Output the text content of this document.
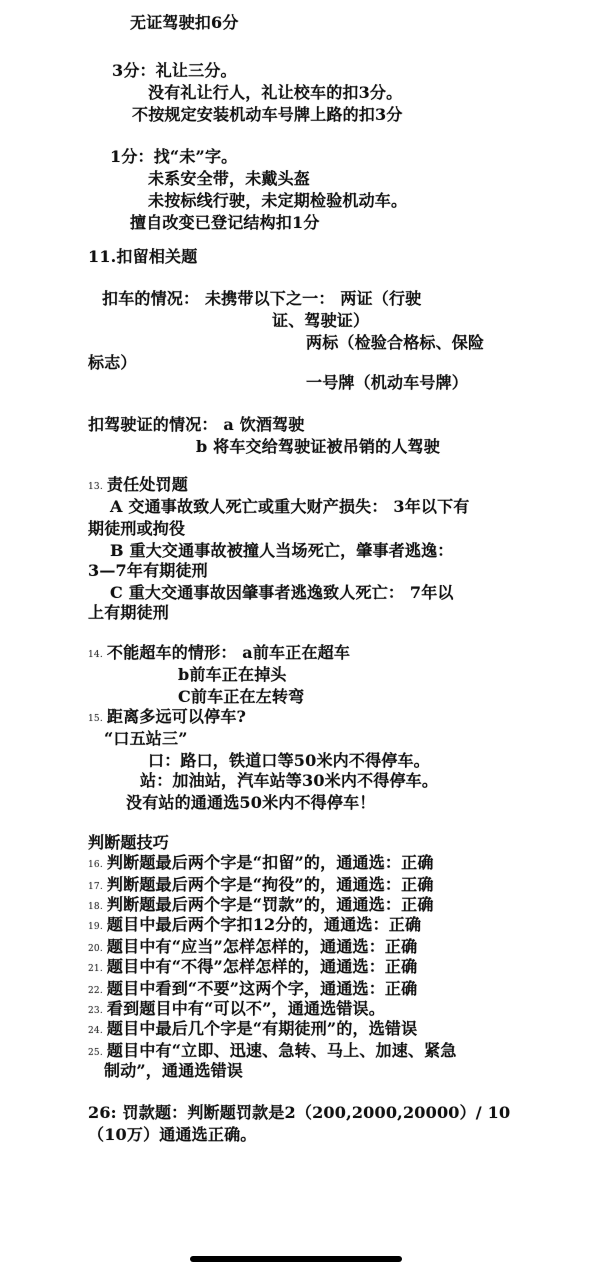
无证驾驶扣6分
3分：礼让三分。
没有礼让行人，礼让校车的扣3分。
不按规定安装机动车号牌上路的扣3分
1分：找“未”字。
未系安全带，未戴头盔
未按标线行驶，未定期检验机动车。
擅自改变已登记结构扣1分
11.扣留相关题
扣车的情况： 未携带以下之一： 两证（行驶
证、驾驶证）
两标（检验合格标、保险
标志）
一号牌（机动车号牌）
扣驾驶证的情况： a 饮酒驾驶
b 将车交给驾驶证被吊销的人驾驶
13. 责任处罚题
A 交通事故致人死亡或重大财产损失： 3年以下有
期徒刑或拘役
B 重大交通事故被撞人当场死亡，肇事者逃逸：
3—7年有期徒刑
C 重大交通事故因肇事者逃逸致人死亡： 7年以
上有期徒刑
14. 不能超车的情形： a前车正在超车
b前车正在掉头
C前车正在左转弯
15. 距离多远可以停车?
“口五站三”
口：路口，铁道口等50米内不得停车。
站：加油站，汽车站等30米内不得停车。
没有站的通通选50米内不得停车！
判断题技巧
16. 判断题最后两个字是“扣留”的，通通选：正确
17. 判断题最后两个字是“拘役”的，通通选：正确
18. 判断题最后两个字是“罚款”的，通通选：正确
19. 题目中最后两个字扣12分的，通通选：正确
20. 题目中有“应当”怎样怎样的，通通选：正确
21. 题目中有“不得”怎样怎样的，通通选：正确
22. 题目中看到“不要”这两个字，通通选：正确
23. 看到题目中有“可以不”，通通选错误。
24. 题目中最后几个字是“有期徒刑”的，选错误
25. 题目中有“立即、迅速、急转、马上、加速、紧急
制动”，通通选错误
26: 罚款题：判断题罚款是2（200,2000,20000）/ 10
（10万）通通选正确。
